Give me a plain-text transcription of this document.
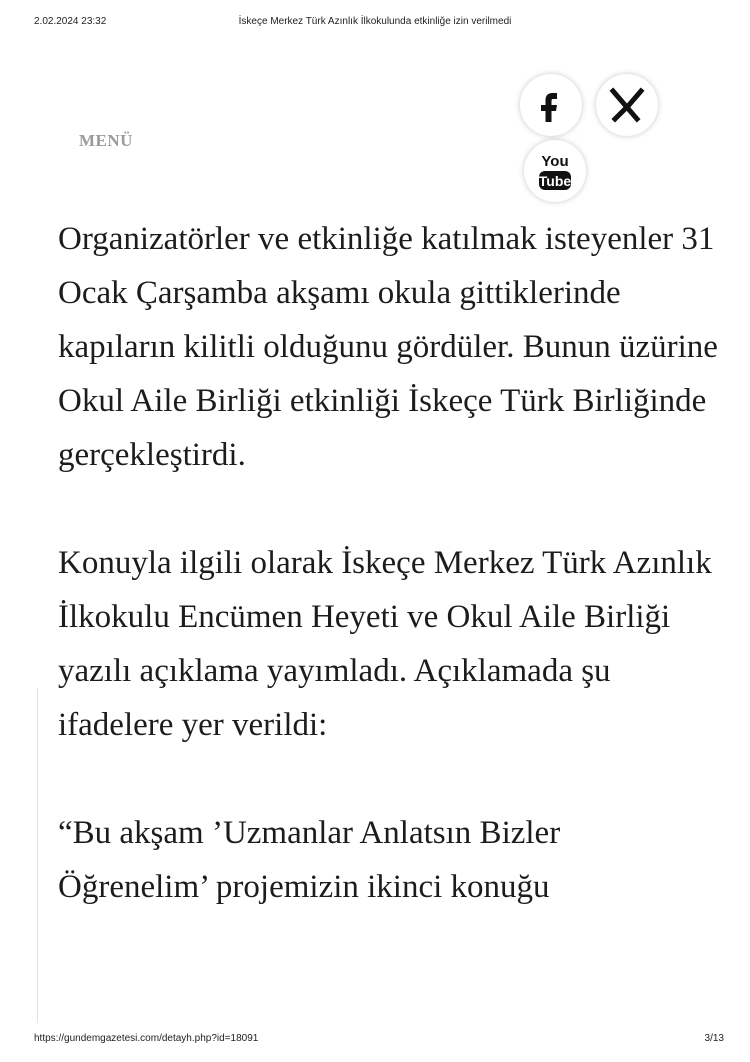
2.02.2024 23:32	İskeçe Merkez Türk Azınlık İlkokulunda etkinliğe izin verilmedi
MENÜ
You
Tube

Organizatörler ve etkinliğe katılmak isteyenler 31 Ocak Çarşamba akşamı okula gittiklerinde kapıların kilitli olduğunu gördüler. Bunun üzürine Okul Aile Birliği etkinliği İskeçe Türk Birliğinde gerçekleştirdi.

Konuyla ilgili olarak İskeçe Merkez Türk Azınlık İlkokulu Encümen Heyeti ve Okul Aile Birliği yazılı açıklama yayımladı. Açıklamada şu ifadelere yer verildi:

“Bu akşam ’Uzmanlar Anlatsın Bizler Öğrenelim’ projemizin ikinci konuğu

https://gundemgazetesi.com/detayh.php?id=18091	3/13
